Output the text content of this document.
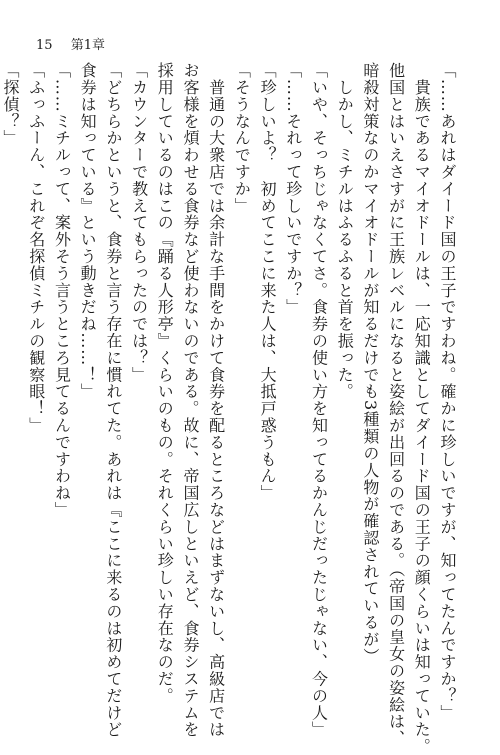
15 第1章
「……あれはダイード国の王子ですわね。確かに珍しいですが、知ってたんですか？」
　貴族であるマイオドールは、一応知識としてダイード国の王子の顔くらいは知っていた。
他国とはいえさすがに王族レベルになると姿絵が出回るのである。（帝国の皇女の姿絵は、
暗殺対策なのかマイオドールが知るだけでも3種類の人物が確認されているが）
　しかし、ミチルはふるふると首を振った。
「いや、そっちじゃなくてさ。食券の使い方を知ってるかんじだったじゃない、今の人」
「……それって珍しいですか？」
「珍しいよ？　初めてここに来た人は、大抵戸惑うもん」
「そうなんですか」
　普通の大衆店では余計な手間をかけて食券を配るところなどはまずないし、高級店では
お客様を煩わせる食券など使わないのである。故に、帝国広しといえど、食券システムを
採用しているのはこの『踊る人形亭』くらいのもの。それくらい珍しい存在なのだ。
「カウンターで教えてもらったのでは？」
「どちらかというと、食券と言う存在に慣れてた。あれは『ここに来るのは初めてだけど
食券は知っている』という動きだね……！」
「……ミチルって、案外そう言うところ見てるんですわね」
「ふっふーん、これぞ名探偵ミチルの観察眼！」
「探偵？」
